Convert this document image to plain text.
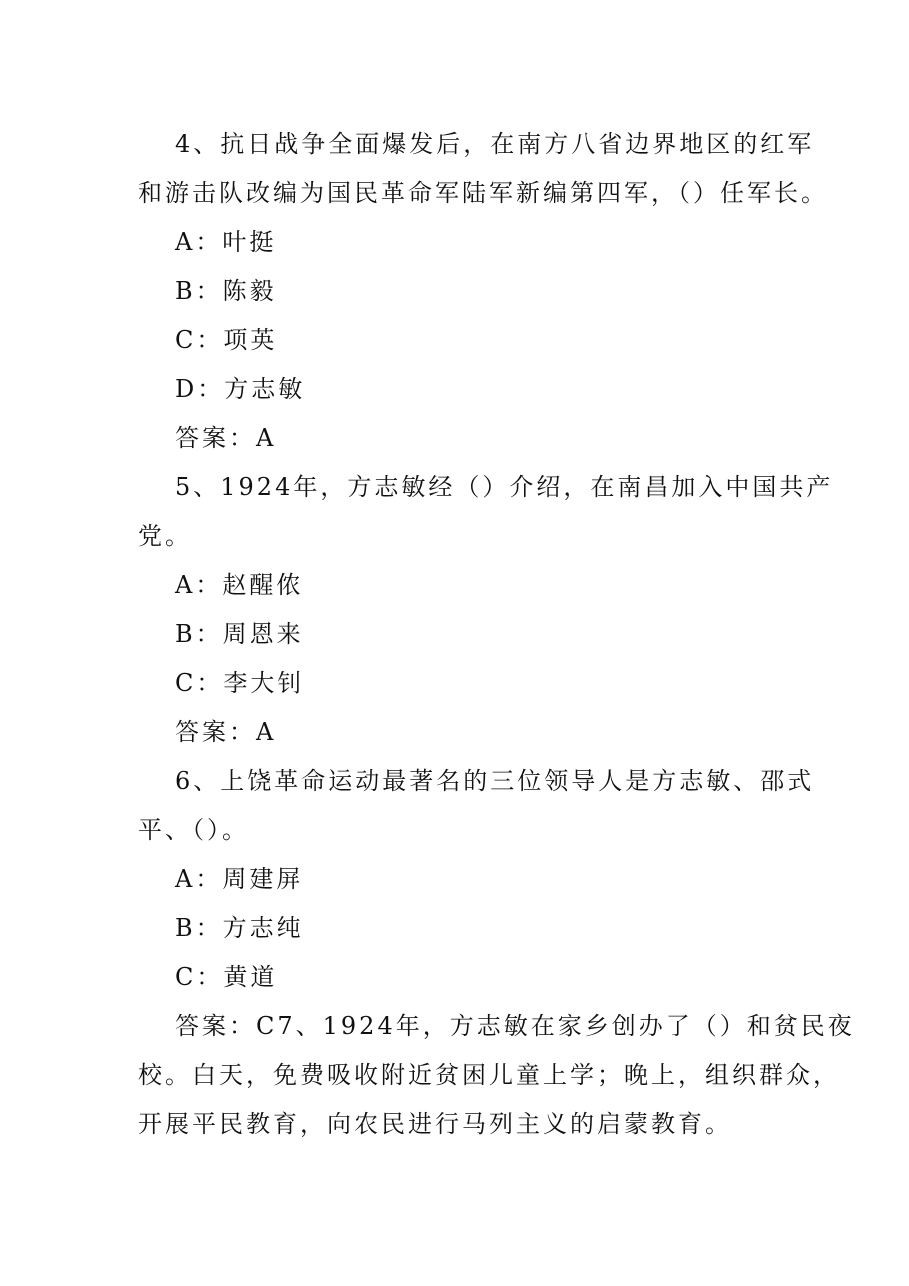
4、抗日战争全面爆发后，在南方八省边界地区的红军
和游击队改编为国民革命军陆军新编第四军，（）任军长。
A：叶挺
B：陈毅
C：项英
D：方志敏
答案：A
5、1924年，方志敏经（）介绍，在南昌加入中国共产
党。
A：赵醒侬
B：周恩来
C：李大钊
答案：A
6、上饶革命运动最著名的三位领导人是方志敏、邵式
平、（）。
A：周建屏
B：方志纯
C：黄道
答案：C7、1924年，方志敏在家乡创办了（）和贫民夜
校。白天，免费吸收附近贫困儿童上学；晚上，组织群众，
开展平民教育，向农民进行马列主义的启蒙教育。
